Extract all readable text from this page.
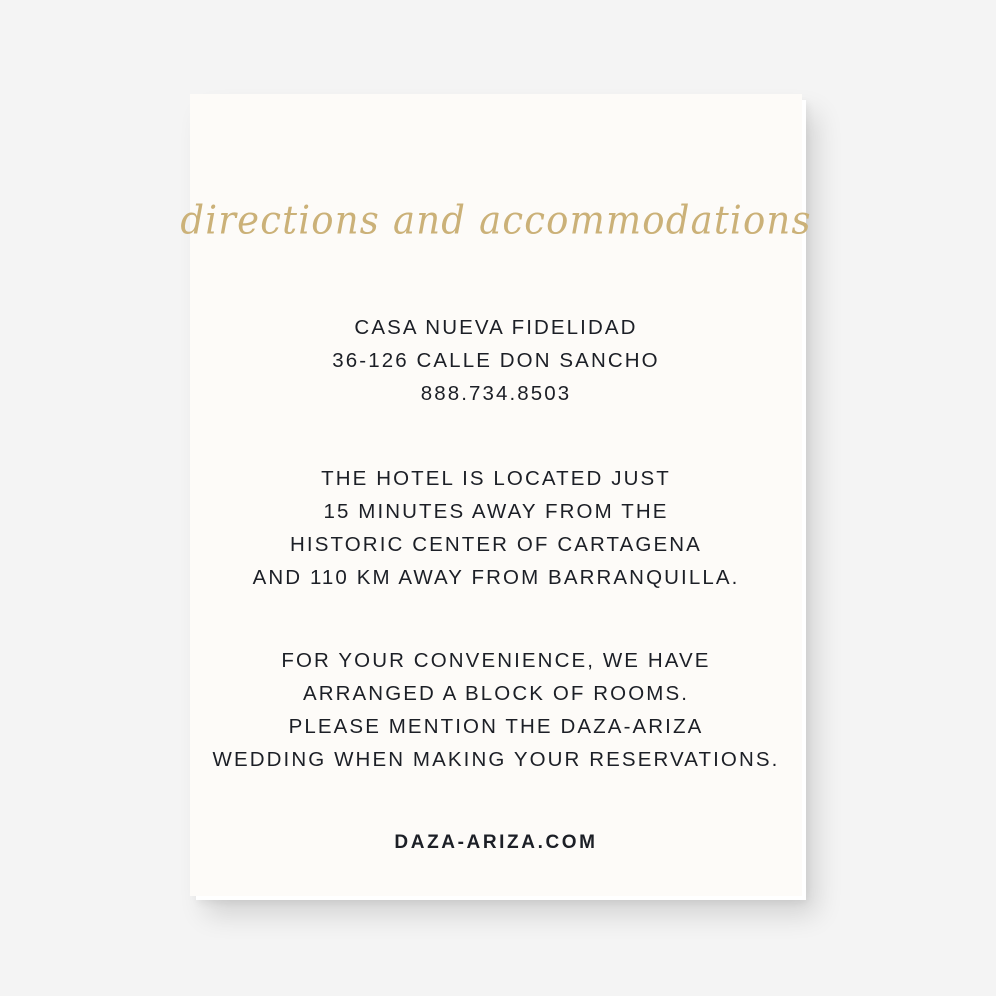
directions and accommodations
CASA NUEVA FIDELIDAD
36-126 CALLE DON SANCHO
888.734.8503
THE HOTEL IS LOCATED JUST
15 MINUTES AWAY FROM THE
HISTORIC CENTER OF CARTAGENA
AND 110 KM AWAY FROM BARRANQUILLA.
FOR YOUR CONVENIENCE, WE HAVE
ARRANGED A BLOCK OF ROOMS.
PLEASE MENTION THE DAZA-ARIZA
WEDDING WHEN MAKING YOUR RESERVATIONS.
DAZA-ARIZA.COM
